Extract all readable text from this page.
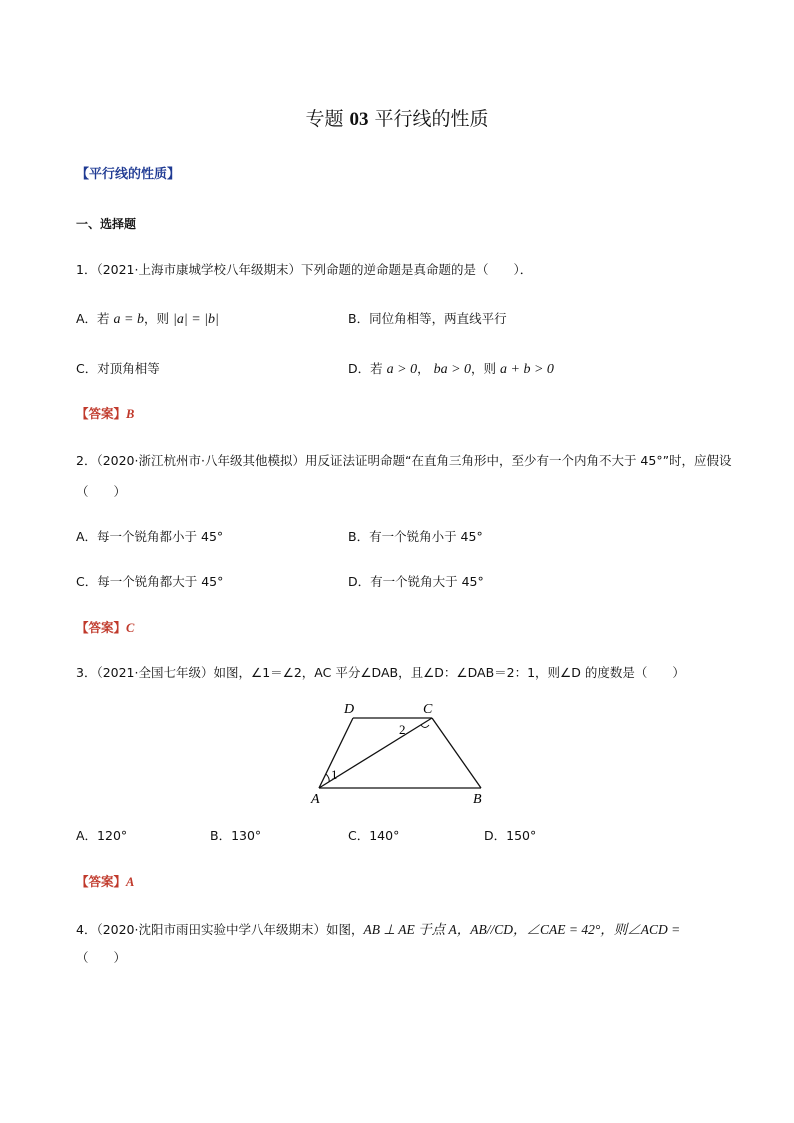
专题 03 平行线的性质
【平行线的性质】
一、选择题
1．（2021·上海市康城学校八年级期末）下列命题的逆命题是真命题的是（　　）．
A．若 a = b，则 |a| = |b|	B．同位角相等，两直线平行
C．对顶角相等	D．若 a > 0， ba > 0，则 a + b > 0
【答案】B
2．（2020·浙江杭州市·八年级其他模拟）用反证法证明命题“在直角三角形中，至少有一个内角不大于 45°”时，应假设
（　　）
A．每一个锐角都小于 45°	B．有一个锐角小于 45°
C．每一个锐角都大于 45°	D．有一个锐角大于 45°
【答案】C
3．（2021·全国七年级）如图，∠1＝∠2，AC 平分∠DAB，且∠D：∠DAB＝2：1，则∠D 的度数是（　　）
D	C
A	B
1
2
A．120°	B．130°	C．140°	D．150°
【答案】A
4．（2020·沈阳市雨田实验中学八年级期末）如图，AB ⊥ AE 于点 A，AB//CD，∠CAE = 42°，则∠ACD =
（　　）
